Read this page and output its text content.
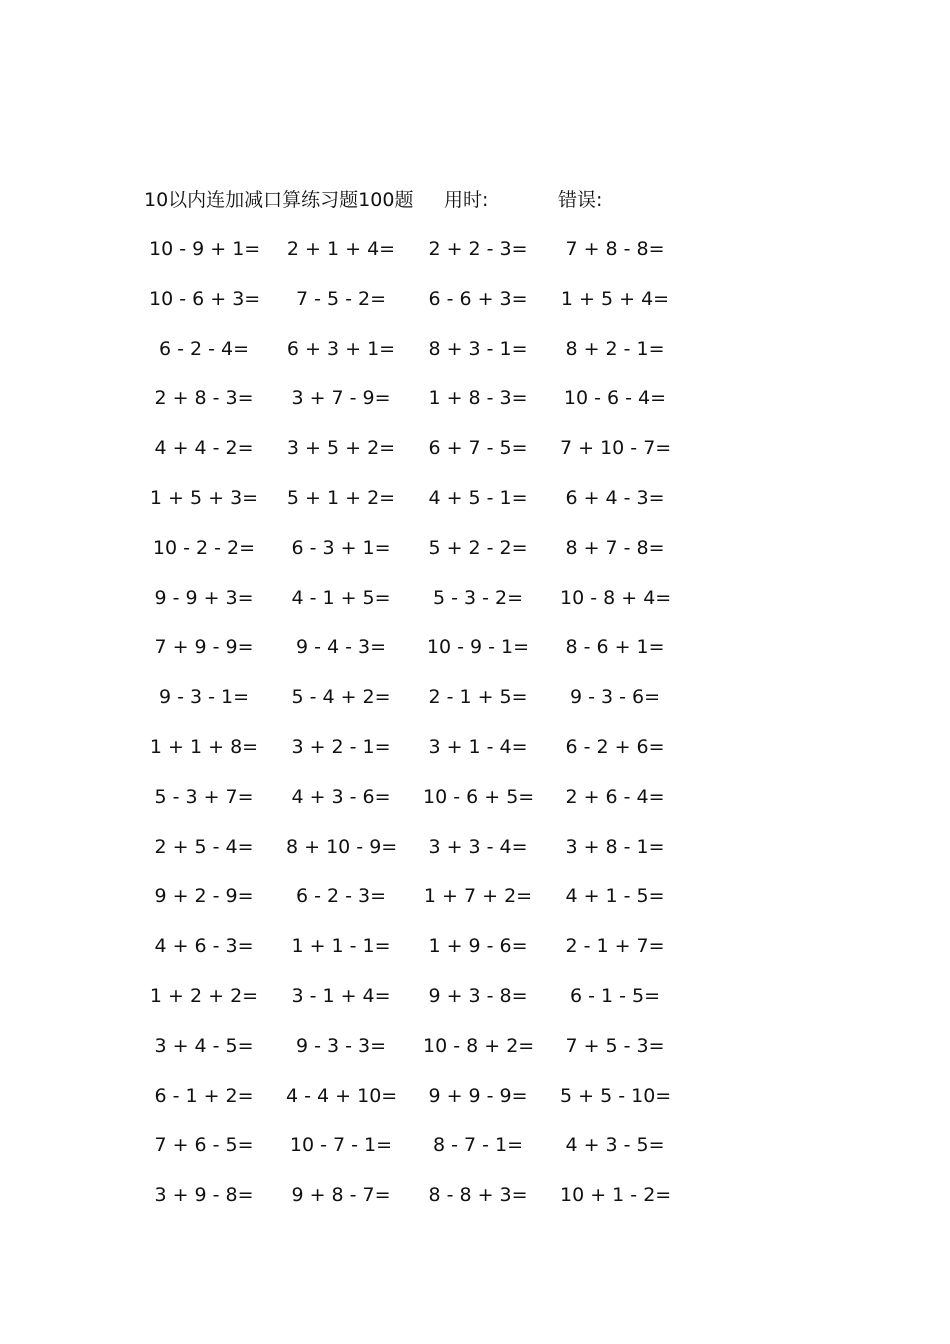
10以内连加减口算练习题100题 用时:	错误:
10 - 9 + 1= 2 + 1 + 4= 2 + 2 - 3= 7 + 8 - 8=
10 - 6 + 3=	7 - 5 - 2=	6 - 6 + 3= 1 + 5 + 4=
6 - 2 - 4=	6 + 3 + 1= 8 + 3 - 1= 8 + 2 - 1=
2 + 8 - 3= 3 + 7 - 9= 1 + 8 - 3= 10 - 6 - 4=
4 + 4 - 2= 3 + 5 + 2= 6 + 7 - 5= 7 + 10 - 7=
1 + 5 + 3= 5 + 1 + 2= 4 + 5 - 1= 6 + 4 - 3=
10 - 2 - 2= 6 - 3 + 1= 5 + 2 - 2= 8 + 7 - 8=
9 - 9 + 3= 4 - 1 + 5=	5 - 3 - 2=	10 - 8 + 4=
7 + 9 - 9=	9 - 4 - 3=	10 - 9 - 1= 8 - 6 + 1=
9 - 3 - 1=	5 - 4 + 2= 2 - 1 + 5=	9 - 3 - 6=
1 + 1 + 8= 3 + 2 - 1= 3 + 1 - 4= 6 - 2 + 6=
5 - 3 + 7= 4 + 3 - 6= 10 - 6 + 5= 2 + 6 - 4=
2 + 5 - 4= 8 + 10 - 9= 3 + 3 - 4= 3 + 8 - 1=
9 + 2 - 9=	6 - 2 - 3=	1 + 7 + 2= 4 + 1 - 5=
4 + 6 - 3= 1 + 1 - 1= 1 + 9 - 6= 2 - 1 + 7=
1 + 2 + 2= 3 - 1 + 4= 9 + 3 - 8=	6 - 1 - 5=
3 + 4 - 5=	9 - 3 - 3=	10 - 8 + 2= 7 + 5 - 3=
6 - 1 + 2= 4 - 4 + 10= 9 + 9 - 9= 5 + 5 - 10=
7 + 6 - 5= 10 - 7 - 1=	8 - 7 - 1=	4 + 3 - 5=
3 + 9 - 8= 9 + 8 - 7= 8 - 8 + 3= 10 + 1 - 2=
